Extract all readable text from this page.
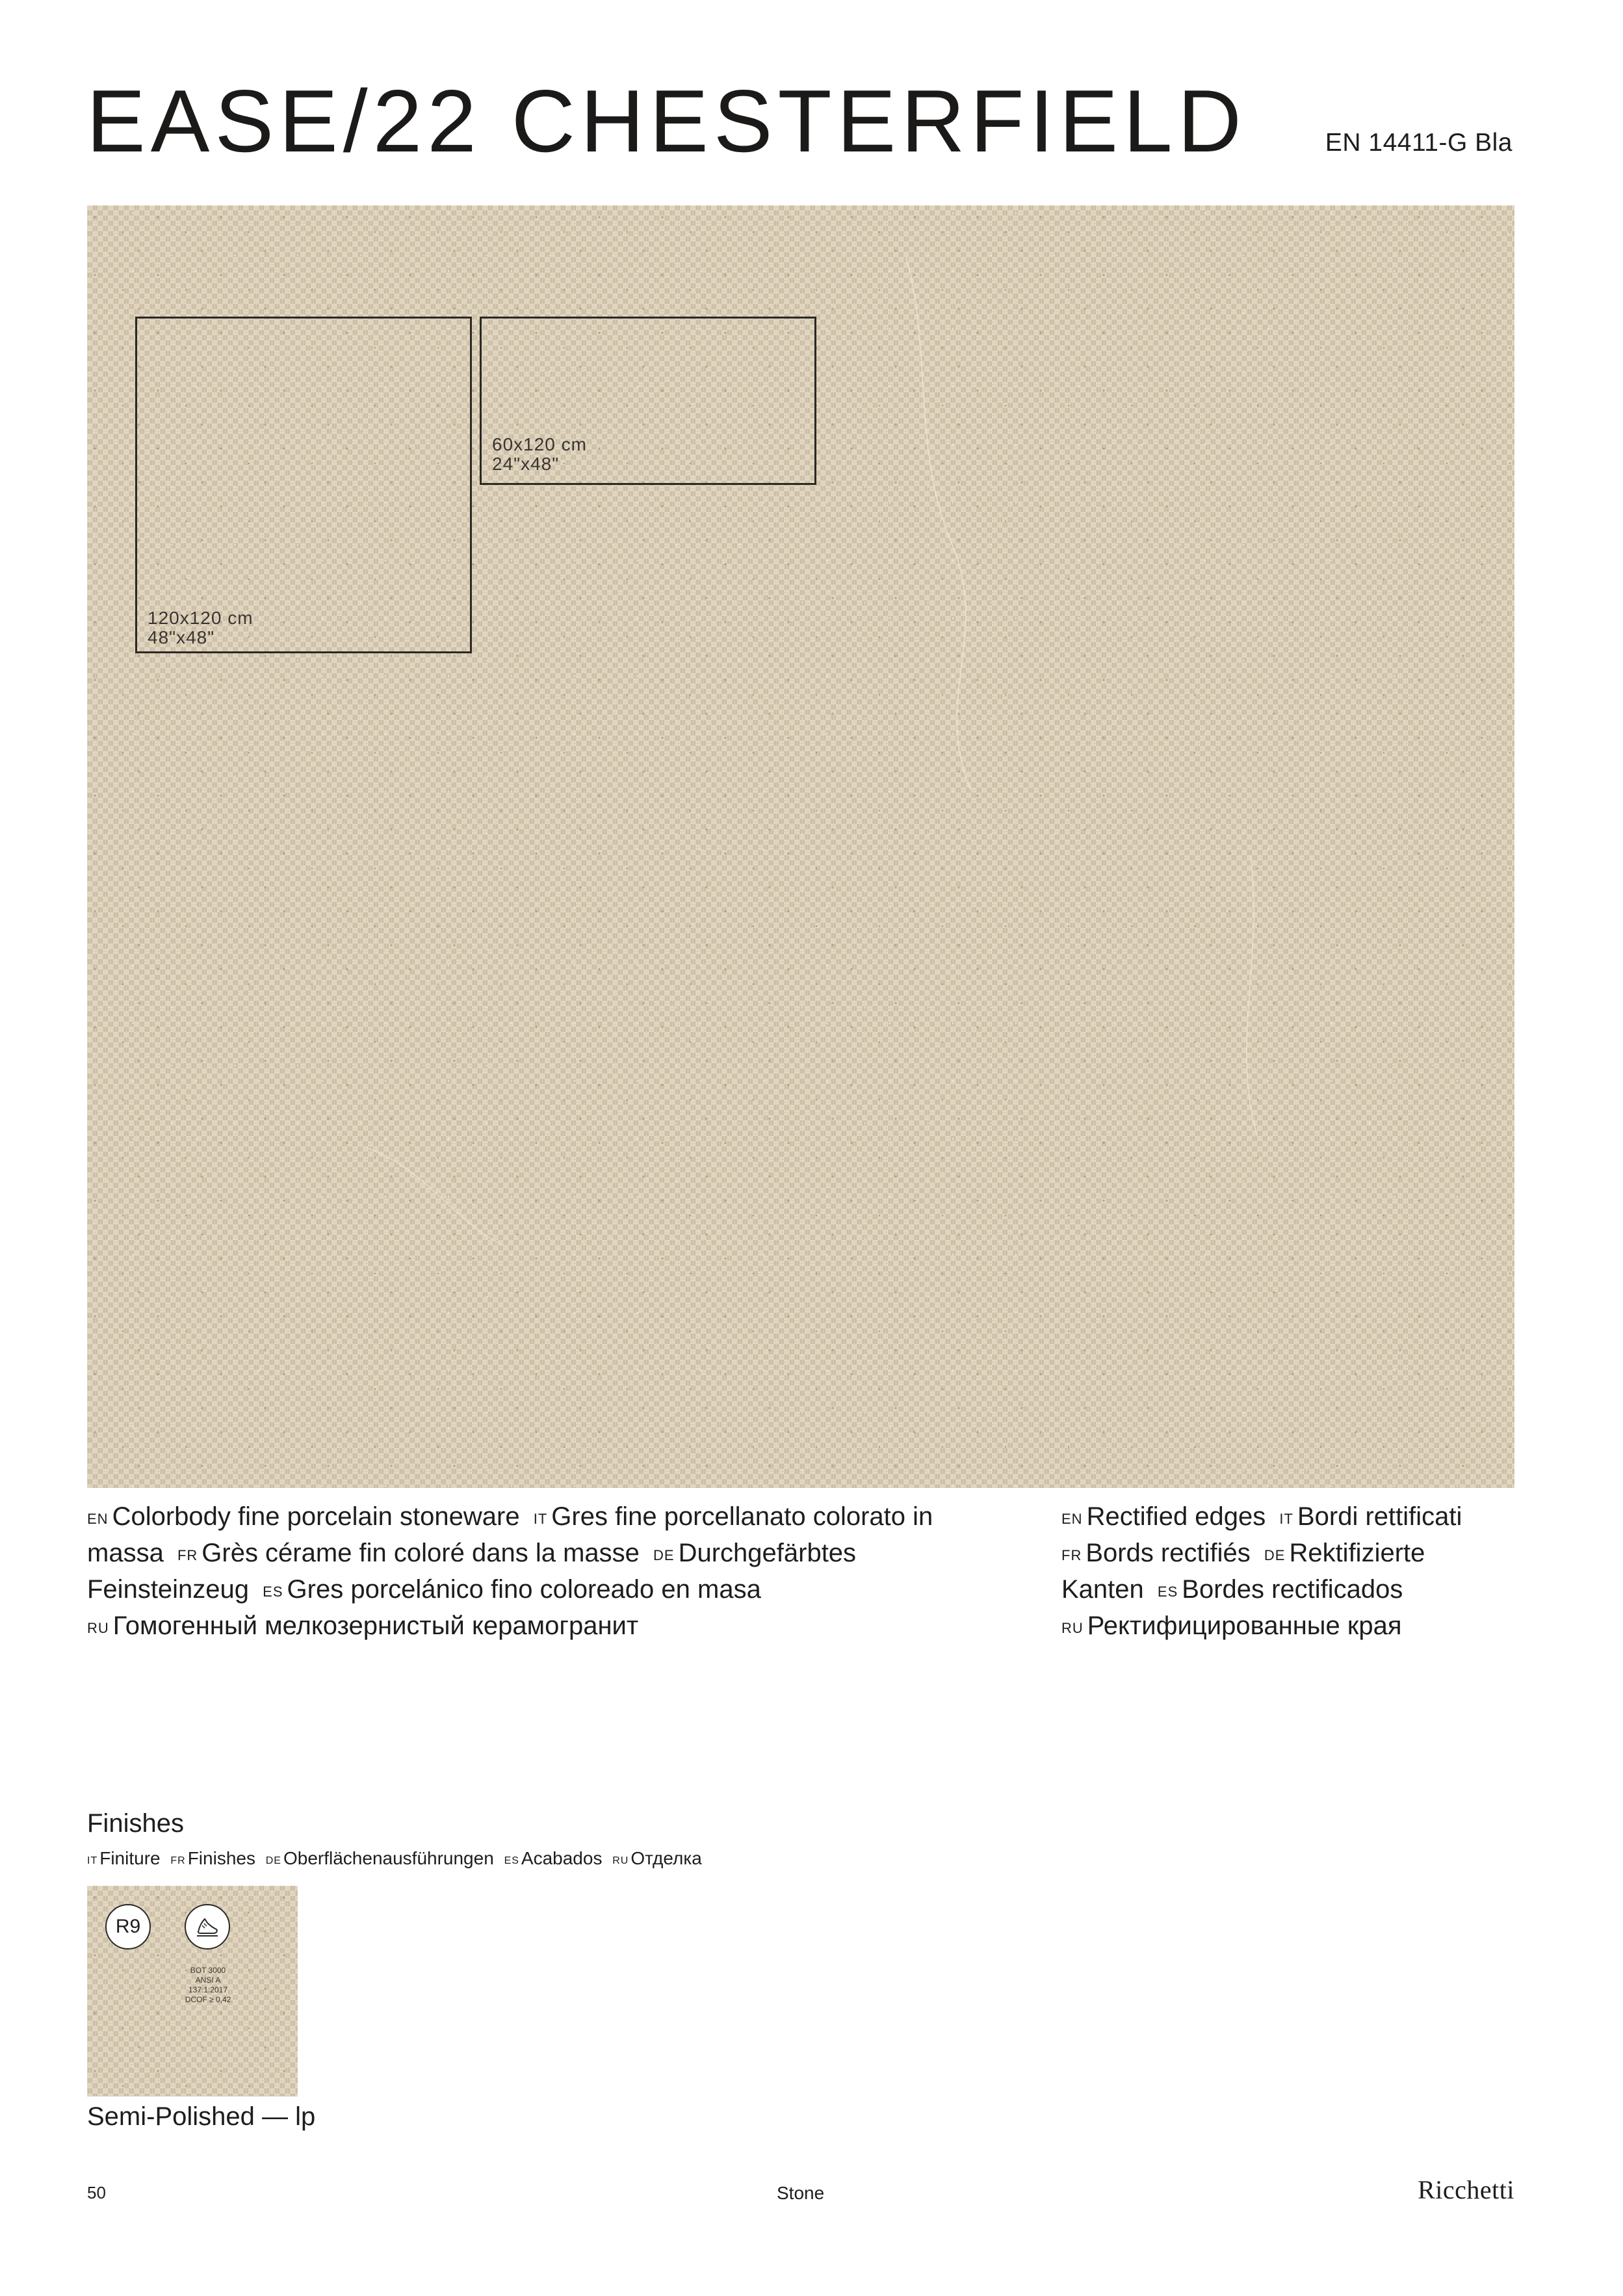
EASE/22 CHESTERFIELD	EN 14411-G Bla
120x120 cm
48"x48"
60x120 cm
24"x48"
EN Colorbody fine porcelain stoneware IT Gres fine porcellanato colorato in massa FR Grès cérame fin coloré dans la masse DE Durchgefärbtes Feinsteinzeug ES Gres porcelánico fino coloreado en masa
RU Гомогенный мелкозернистый керамогранит
EN Rectified edges IT Bordi rettificati
FR Bords rectifiés DE Rektifizierte Kanten ES Bordes rectificados
RU Ректифицированные края
Finishes
IT Finiture FR Finishes DE Oberflächenausführungen ES Acabados RU Отделка
R9
BOT 3000
ANSI A 137.1:2017
DCOF ≥ 0,42
Semi-Polished — lp
50	Stone	Ricchetti
